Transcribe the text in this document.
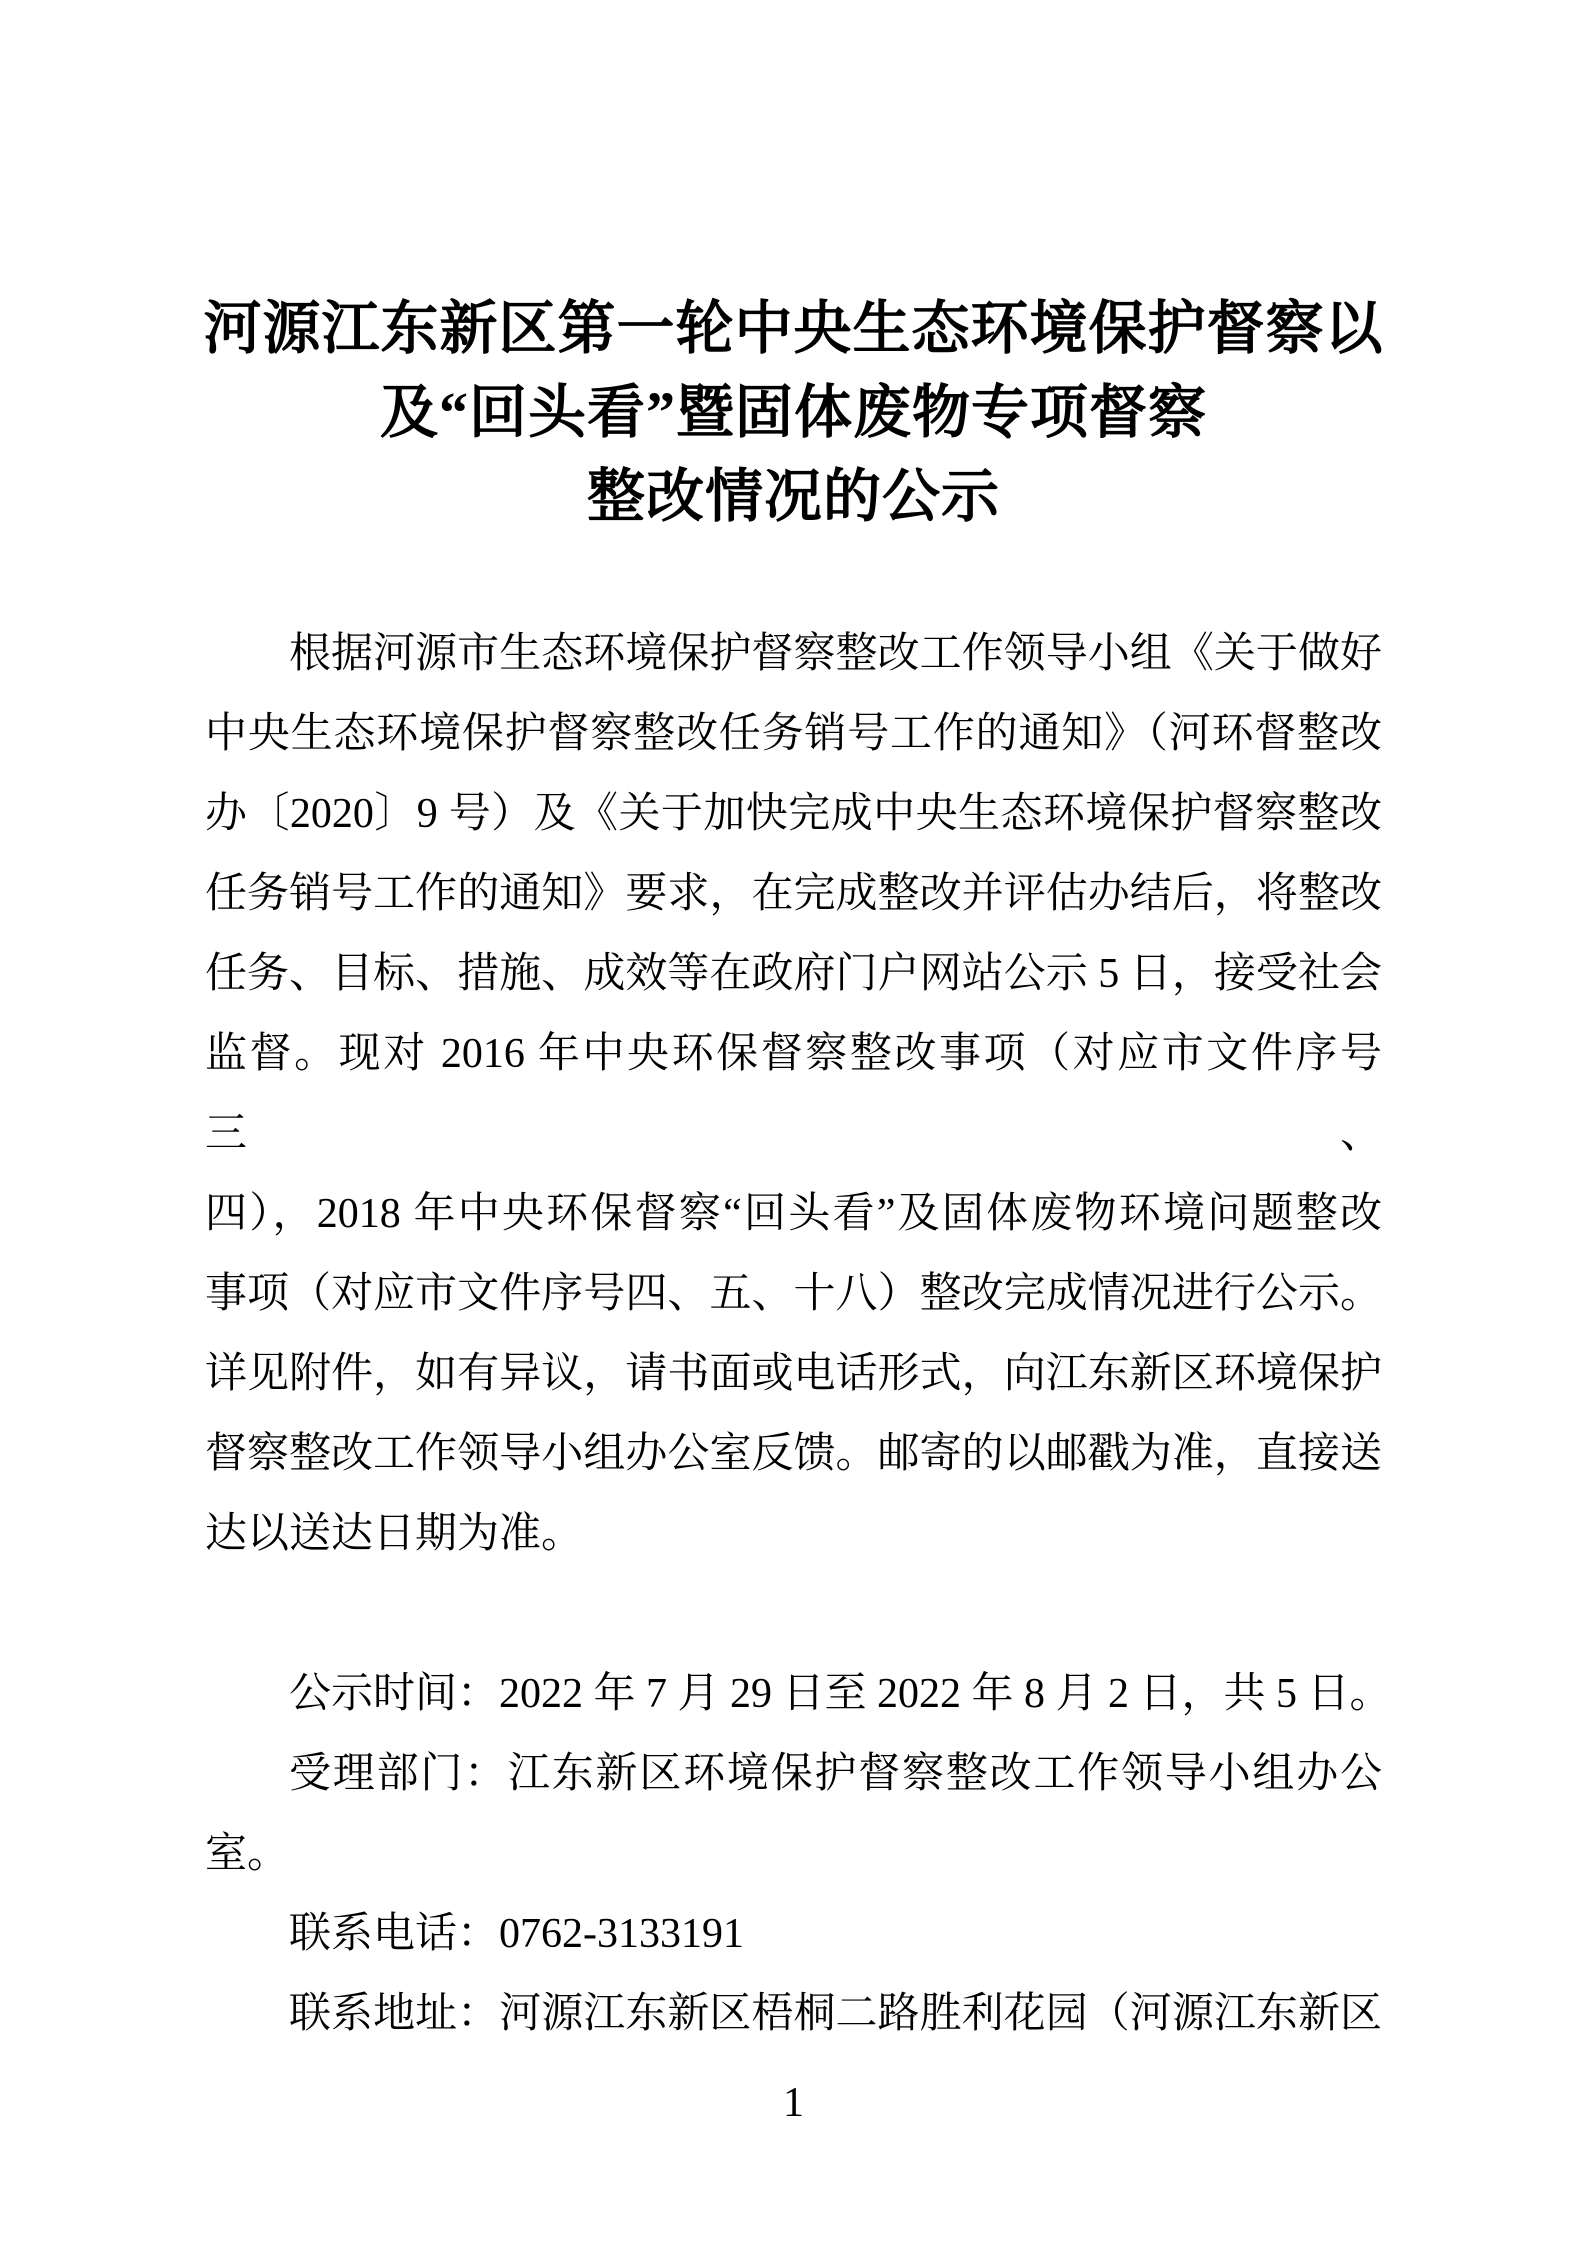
河源江东新区第一轮中央生态环境保护督察以
及“回头看”暨固体废物专项督察
整改情况的公示
根据河源市生态环境保护督察整改工作领导小组《关于做好
中央生态环境保护督察整改任务销号工作的通知》（河环督整改
办〔2020〕9 号）及《关于加快完成中央生态环境保护督察整改
任务销号工作的通知》要求，在完成整改并评估办结后，将整改
任务、目标、措施、成效等在政府门户网站公示 5 日，接受社会
监督。现对 2016 年中央环保督察整改事项（对应市文件序号三、
四），2018 年中央环保督察“回头看”及固体废物环境问题整改
事项（对应市文件序号四、五、十八）整改完成情况进行公示。
详见附件，如有异议，请书面或电话形式，向江东新区环境保护
督察整改工作领导小组办公室反馈。邮寄的以邮戳为准，直接送
达以送达日期为准。
公示时间：2022 年 7 月 29 日至 2022 年 8 月 2 日，共 5 日。
受理部门：江东新区环境保护督察整改工作领导小组办公
室。
联系电话：0762-3133191
联系地址：河源江东新区梧桐二路胜利花园（河源江东新区
1
